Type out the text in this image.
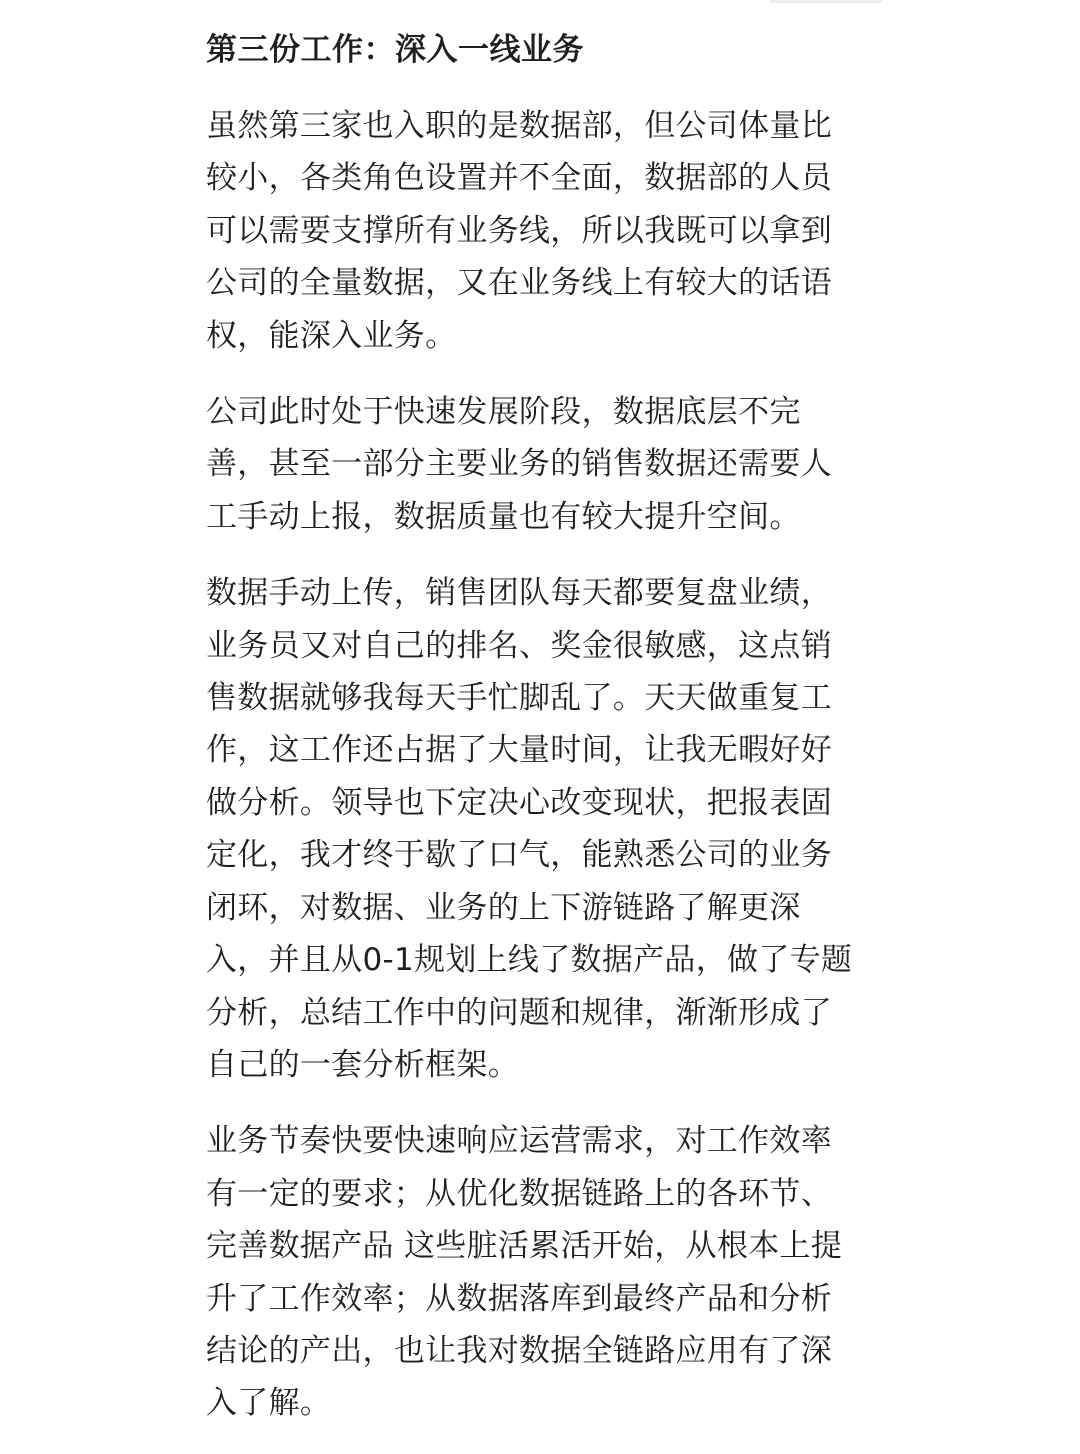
第三份工作：深入一线业务
虽然第三家也入职的是数据部，但公司体量比
较小，各类角色设置并不全面，数据部的人员
可以需要支撑所有业务线，所以我既可以拿到
公司的全量数据，又在业务线上有较大的话语
权，能深入业务。
公司此时处于快速发展阶段，数据底层不完
善，甚至一部分主要业务的销售数据还需要人
工手动上报，数据质量也有较大提升空间。
数据手动上传，销售团队每天都要复盘业绩，
业务员又对自己的排名、奖金很敏感，这点销
售数据就够我每天手忙脚乱了。天天做重复工
作，这工作还占据了大量时间，让我无暇好好
做分析。领导也下定决心改变现状，把报表固
定化，我才终于歇了口气，能熟悉公司的业务
闭环，对数据、业务的上下游链路了解更深
入，并且从0-1规划上线了数据产品，做了专题
分析，总结工作中的问题和规律，渐渐形成了
自己的一套分析框架。
业务节奏快要快速响应运营需求，对工作效率
有一定的要求；从优化数据链路上的各环节、
完善数据产品 这些脏活累活开始，从根本上提
升了工作效率；从数据落库到最终产品和分析
结论的产出，也让我对数据全链路应用有了深
入了解。
